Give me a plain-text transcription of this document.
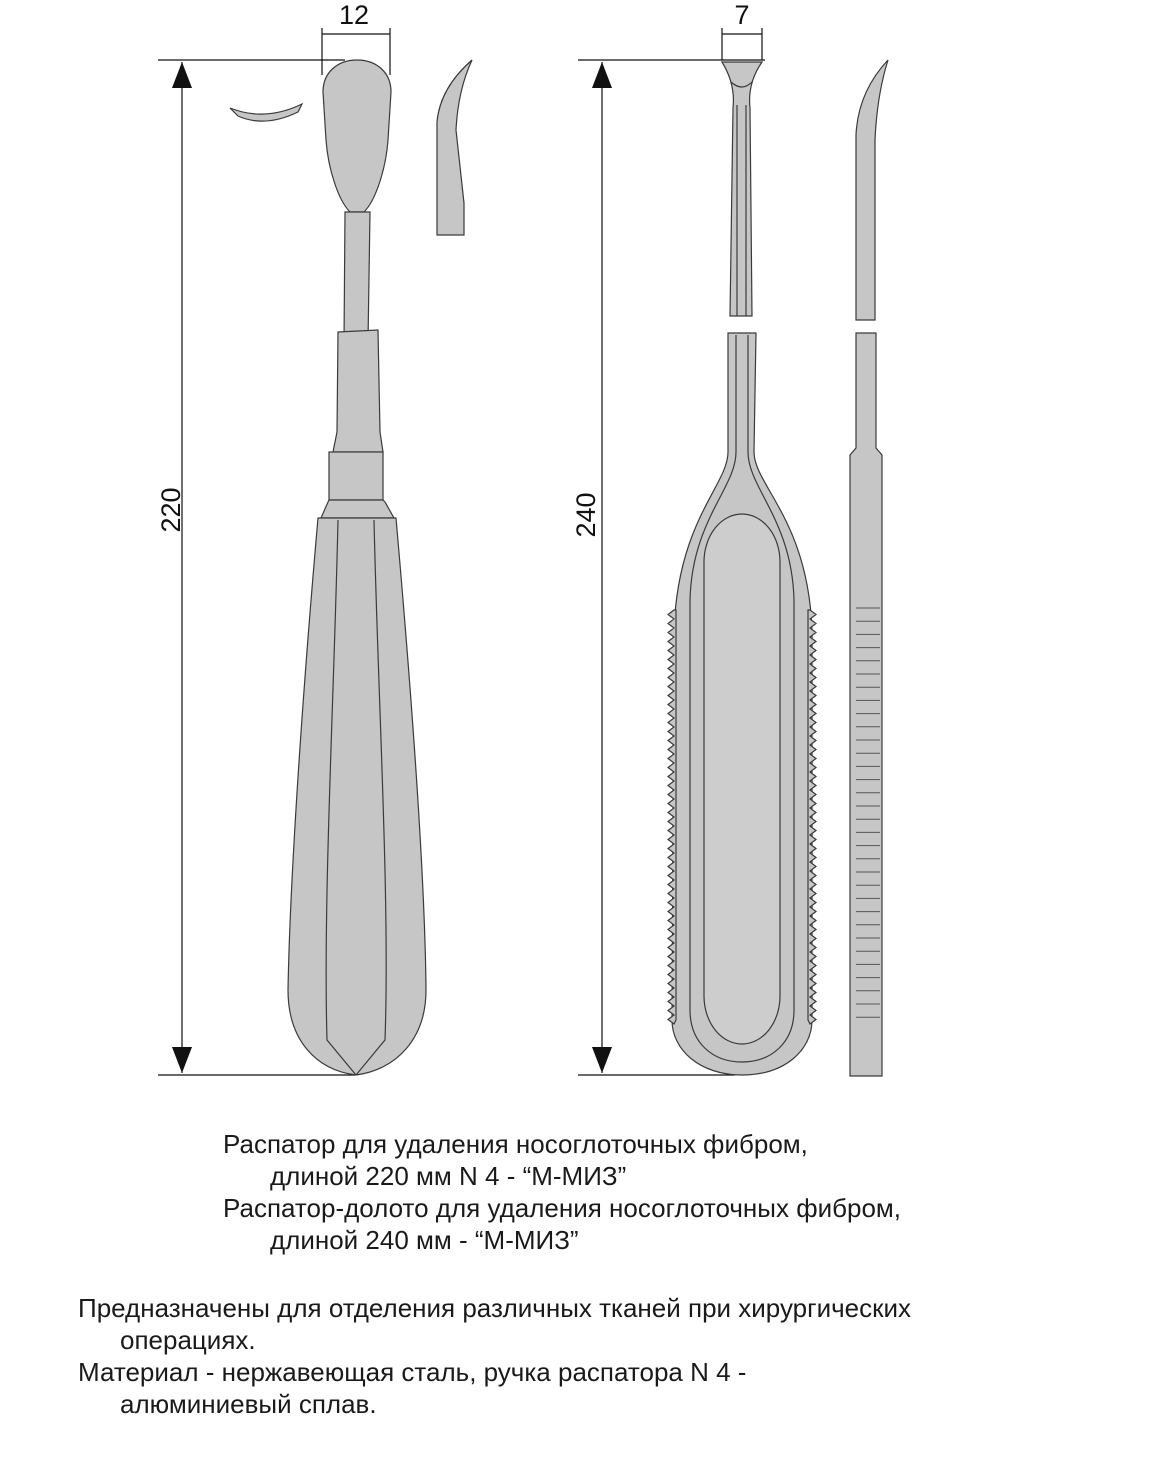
220
12
240
7
Распатор для удаления носоглоточных фибром,
длиной 220 мм N 4 - “М-МИЗ”
Распатор-долото для удаления носоглоточных фибром,
длиной 240 мм - “М-МИЗ”
Предназначены для отделения различных тканей при хирургических
операциях.
Материал - нержавеющая сталь, ручка распатора N 4 -
алюминиевый сплав.
